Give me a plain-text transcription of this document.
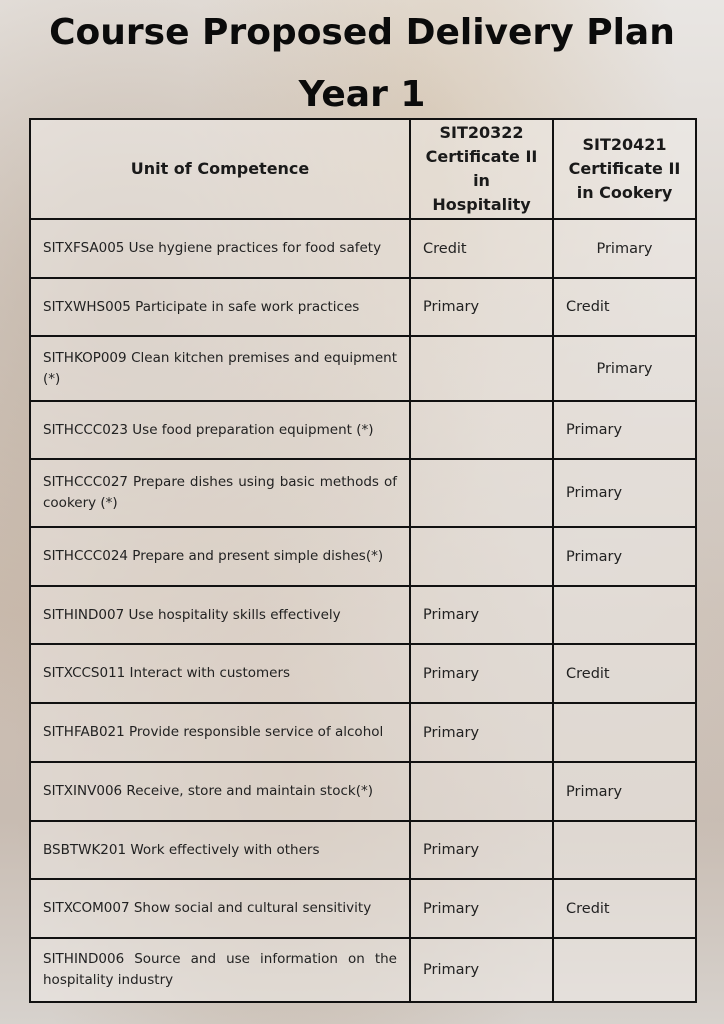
Course Proposed Delivery Plan
Year 1
Unit of Competence	SIT20322 Certificate II in Hospitality	SIT20421 Certificate II in Cookery
SITXFSA005 Use hygiene practices for food safety	Credit	Primary
SITXWHS005 Participate in safe work practices	Primary	Credit
SITHKOP009 Clean kitchen premises and equipment (*)		Primary
SITHCCC023 Use food preparation equipment (*)		Primary
SITHCCC027 Prepare dishes using basic methods of cookery (*)		Primary
SITHCCC024 Prepare and present simple dishes(*)		Primary
SITHIND007 Use hospitality skills effectively	Primary	
SITXCCS011 Interact with customers	Primary	Credit
SITHFAB021 Provide responsible service of alcohol	Primary	
SITXINV006 Receive, store and maintain stock(*)		Primary
BSBTWK201 Work effectively with others	Primary	
SITXCOM007 Show social and cultural sensitivity	Primary	Credit
SITHIND006 Source and use information on the hospitality industry	Primary	
